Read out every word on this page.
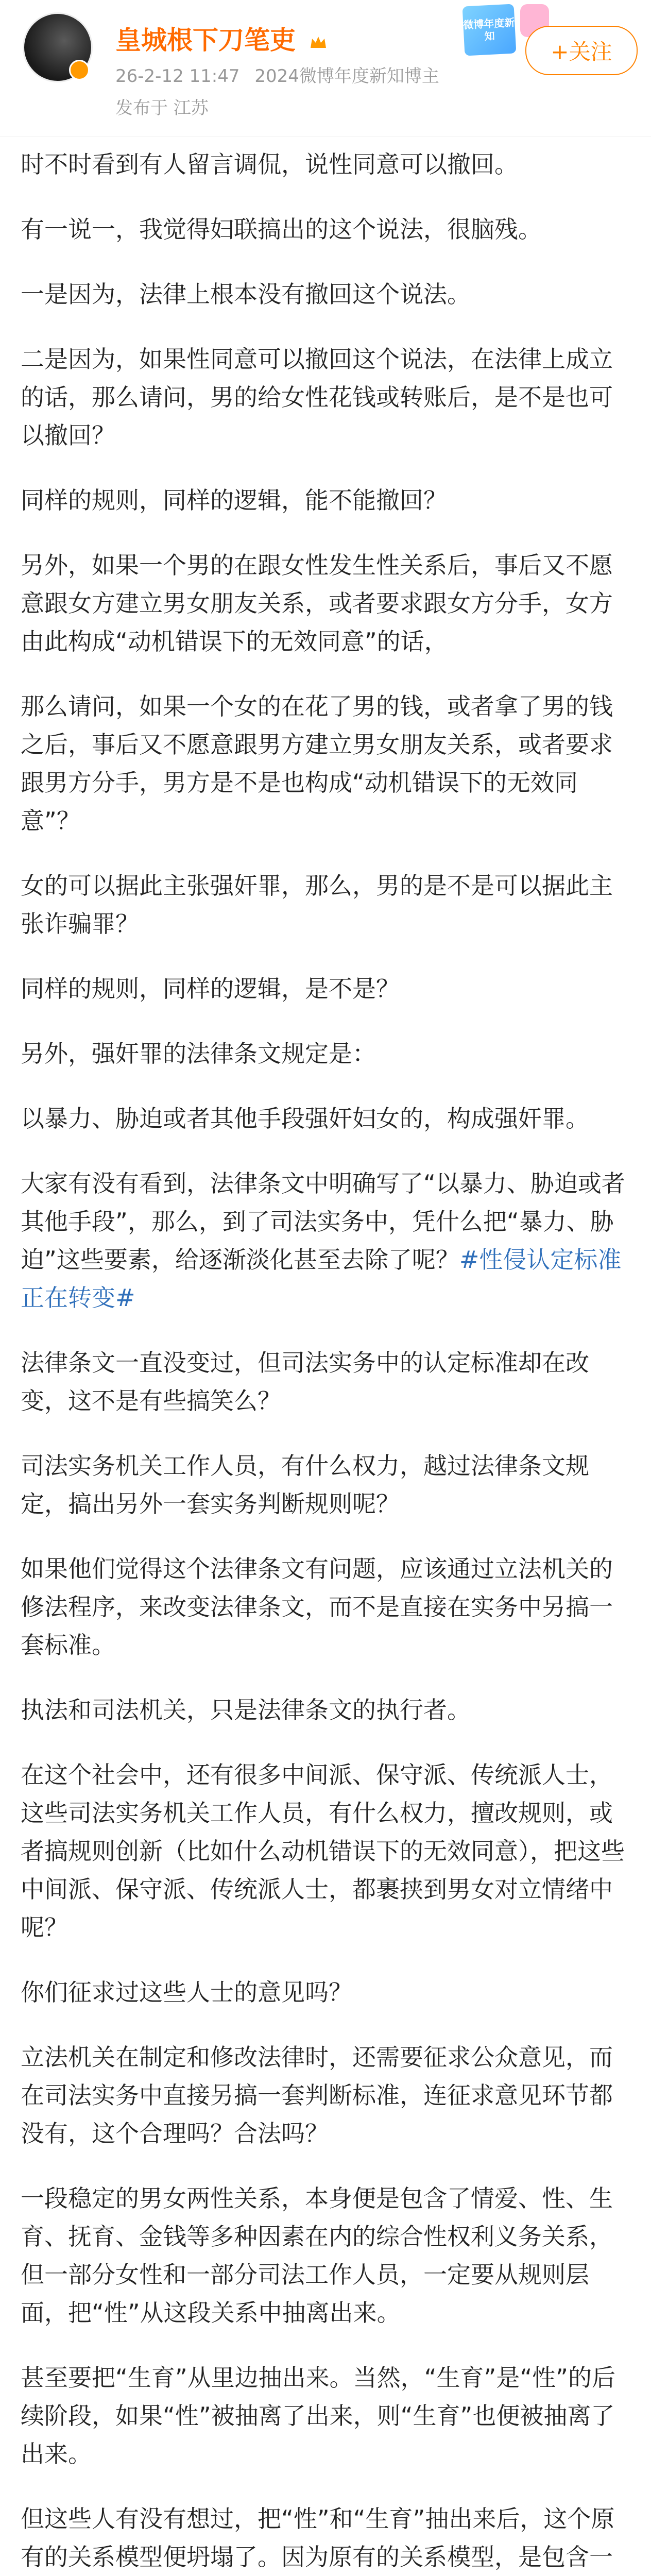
皇城根下刀笔吏
26-2-12 11:47 2024微博年度新知博主
发布于 江苏
微博年度新知
+关注

时不时看到有人留言调侃，说性同意可以撤回。

有一说一，我觉得妇联搞出的这个说法，很脑残。

一是因为，法律上根本没有撤回这个说法。

二是因为，如果性同意可以撤回这个说法，在法律上成立的话，那么请问，男的给女性花钱或转账后，是不是也可以撤回？

同样的规则，同样的逻辑，能不能撤回？

另外，如果一个男的在跟女性发生性关系后，事后又不愿意跟女方建立男女朋友关系，或者要求跟女方分手，女方由此构成“动机错误下的无效同意”的话，

那么请问，如果一个女的在花了男的钱，或者拿了男的钱之后，事后又不愿意跟男方建立男女朋友关系，或者要求跟男方分手，男方是不是也构成“动机错误下的无效同意”？

女的可以据此主张强奸罪，那么，男的是不是可以据此主张诈骗罪？

同样的规则，同样的逻辑，是不是？

另外，强奸罪的法律条文规定是：

以暴力、胁迫或者其他手段强奸妇女的，构成强奸罪。

大家有没有看到，法律条文中明确写了“以暴力、胁迫或者其他手段”，那么，到了司法实务中，凭什么把“暴力、胁迫”这些要素，给逐渐淡化甚至去除了呢？#性侵认定标准正在转变#

法律条文一直没变过，但司法实务中的认定标准却在改变，这不是有些搞笑么？

司法实务机关工作人员，有什么权力，越过法律条文规定，搞出另外一套实务判断规则呢？

如果他们觉得这个法律条文有问题，应该通过立法机关的修法程序，来改变法律条文，而不是直接在实务中另搞一套标准。

执法和司法机关，只是法律条文的执行者。

在这个社会中，还有很多中间派、保守派、传统派人士，这些司法实务机关工作人员，有什么权力，擅改规则，或者搞规则创新（比如什么动机错误下的无效同意），把这些中间派、保守派、传统派人士，都裹挟到男女对立情绪中呢？

你们征求过这些人士的意见吗？

立法机关在制定和修改法律时，还需要征求公众意见，而在司法实务中直接另搞一套判断标准，连征求意见环节都没有，这个合理吗？合法吗？

一段稳定的男女两性关系，本身便是包含了情爱、性、生育、抚育、金钱等多种因素在内的综合性权利义务关系，但一部分女性和一部分司法工作人员，一定要从规则层面，把“性”从这段关系中抽离出来。

甚至要把“生育”从里边抽出来。当然，“生育”是“性”的后续阶段，如果“性”被抽离了出来，则“生育”也便被抽离了出来。

但这些人有没有想过，把“性”和“生育”抽出来后，这个原有的关系模型便坍塌了。因为原有的关系模型，是包含一
